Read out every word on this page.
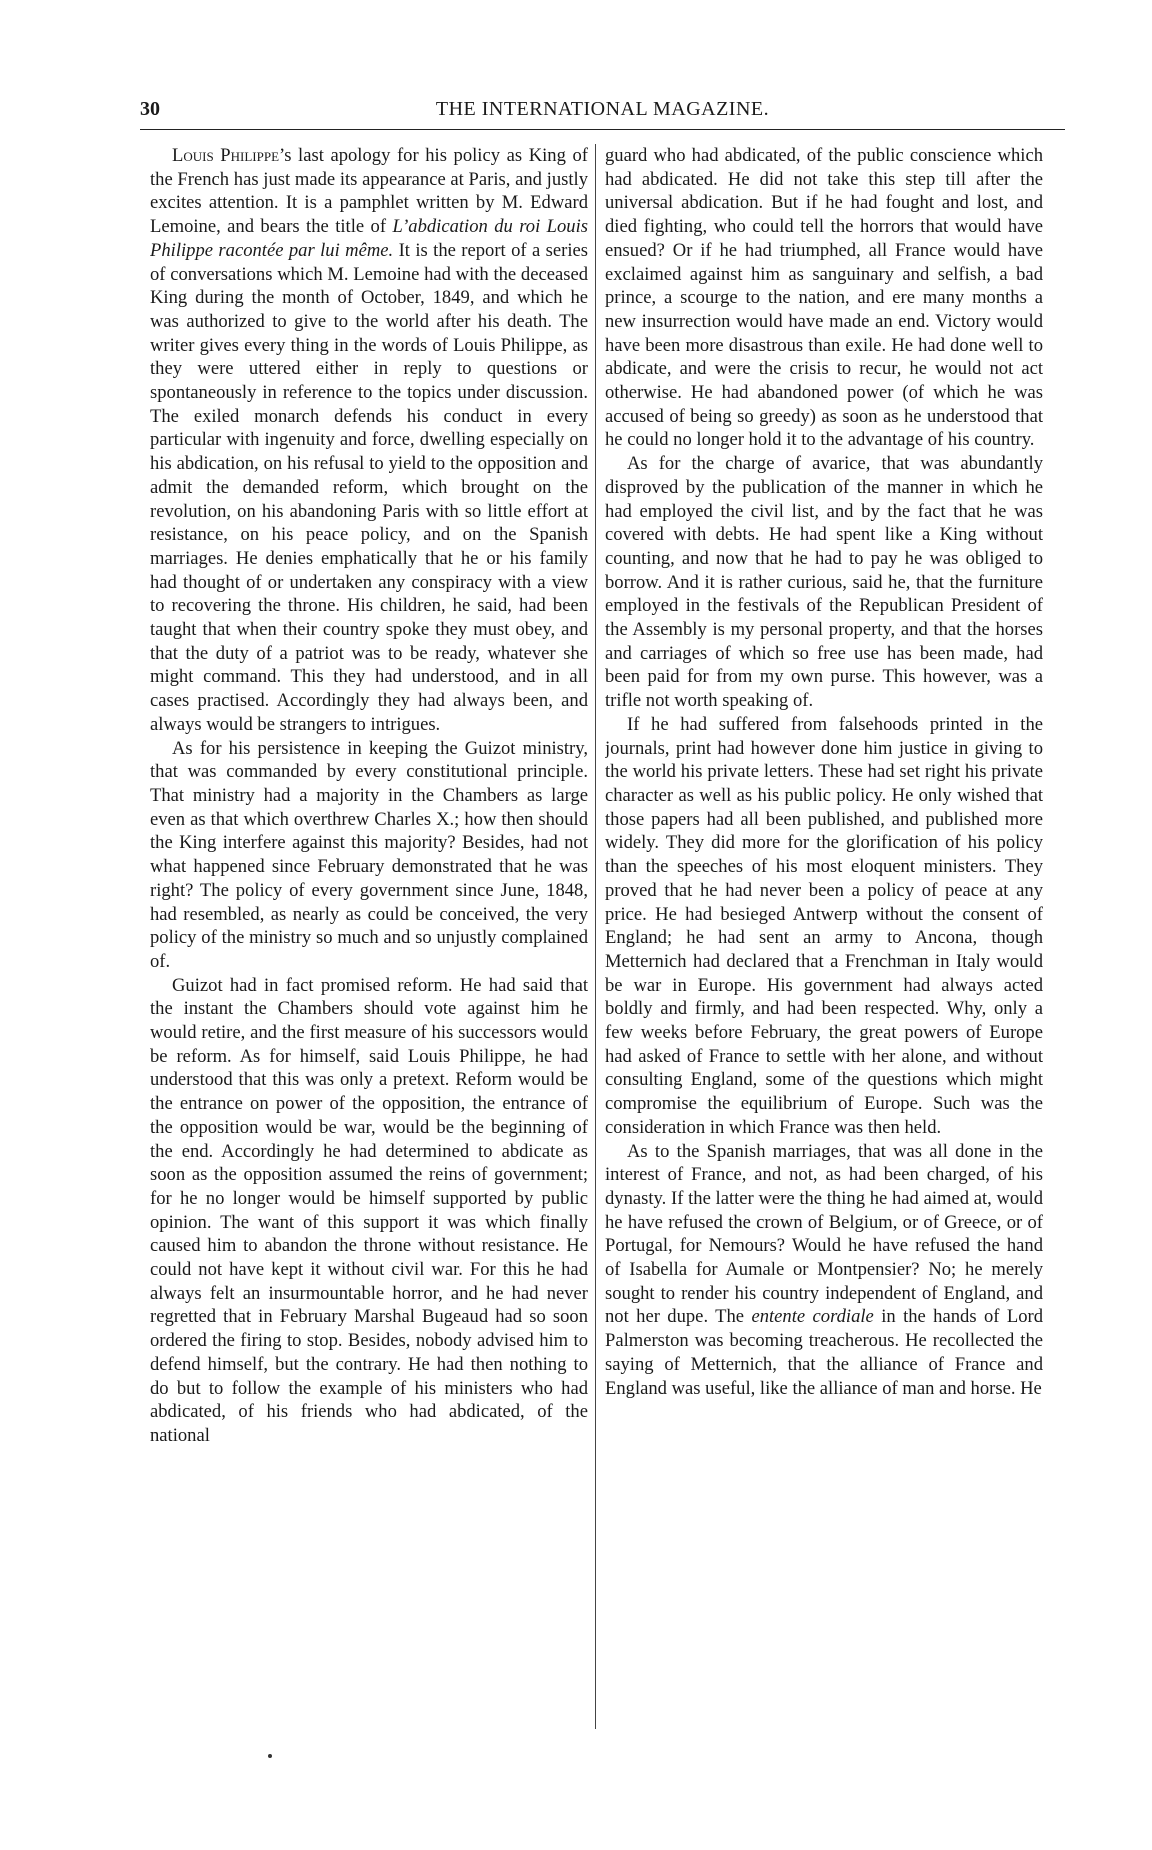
30	THE INTERNATIONAL MAGAZINE.

Louis Philippe’s last apology for his policy as King of the French has just made its appearance at Paris, and justly excites attention. It is a pamphlet written by M. Edward Lemoine, and bears the title of L’abdication du roi Louis Philippe racontée par lui même. It is the report of a series of conversations which M. Lemoine had with the deceased King during the month of October, 1849, and which he was authorized to give to the world after his death. The writer gives every thing in the words of Louis Philippe, as they were uttered either in reply to questions or spontaneously in reference to the topics under discussion. The exiled monarch defends his conduct in every particular with ingenuity and force, dwelling especially on his abdication, on his refusal to yield to the opposition and admit the demanded reform, which brought on the revolution, on his abandoning Paris with so little effort at resistance, on his peace policy, and on the Spanish marriages. He denies emphatically that he or his family had thought of or undertaken any conspiracy with a view to recovering the throne. His children, he said, had been taught that when their country spoke they must obey, and that the duty of a patriot was to be ready, whatever she might command. This they had understood, and in all cases practised. Accordingly they had always been, and always would be strangers to intrigues.

As for his persistence in keeping the Guizot ministry, that was commanded by every constitutional principle. That ministry had a majority in the Chambers as large even as that which overthrew Charles X.; how then should the King interfere against this majority? Besides, had not what happened since February demonstrated that he was right? The policy of every government since June, 1848, had resembled, as nearly as could be conceived, the very policy of the ministry so much and so unjustly complained of.

Guizot had in fact promised reform. He had said that the instant the Chambers should vote against him he would retire, and the first measure of his successors would be reform. As for himself, said Louis Philippe, he had understood that this was only a pretext. Reform would be the entrance on power of the opposition, the entrance of the opposition would be war, would be the beginning of the end. Accordingly he had determined to abdicate as soon as the opposition assumed the reins of government; for he no longer would be himself supported by public opinion. The want of this support it was which finally caused him to abandon the throne without resistance. He could not have kept it without civil war. For this he had always felt an insurmountable horror, and he had never regretted that in February Marshal Bugeaud had so soon ordered the firing to stop. Besides, nobody advised him to defend himself, but the contrary. He had then nothing to do but to follow the example of his ministers who had abdicated, of his friends who had abdicated, of the national

guard who had abdicated, of the public conscience which had abdicated. He did not take this step till after the universal abdication. But if he had fought and lost, and died fighting, who could tell the horrors that would have ensued? Or if he had triumphed, all France would have exclaimed against him as sanguinary and selfish, a bad prince, a scourge to the nation, and ere many months a new insurrection would have made an end. Victory would have been more disastrous than exile. He had done well to abdicate, and were the crisis to recur, he would not act otherwise. He had abandoned power (of which he was accused of being so greedy) as soon as he understood that he could no longer hold it to the advantage of his country.

As for the charge of avarice, that was abundantly disproved by the publication of the manner in which he had employed the civil list, and by the fact that he was covered with debts. He had spent like a King without counting, and now that he had to pay he was obliged to borrow. And it is rather curious, said he, that the furniture employed in the festivals of the Republican President of the Assembly is my personal property, and that the horses and carriages of which so free use has been made, had been paid for from my own purse. This however, was a trifle not worth speaking of.

If he had suffered from falsehoods printed in the journals, print had however done him justice in giving to the world his private letters. These had set right his private character as well as his public policy. He only wished that those papers had all been published, and published more widely. They did more for the glorification of his policy than the speeches of his most eloquent ministers. They proved that he had never been a policy of peace at any price. He had besieged Antwerp without the consent of England; he had sent an army to Ancona, though Metternich had declared that a Frenchman in Italy would be war in Europe. His government had always acted boldly and firmly, and had been respected. Why, only a few weeks before February, the great powers of Europe had asked of France to settle with her alone, and without consulting England, some of the questions which might compromise the equilibrium of Europe. Such was the consideration in which France was then held.

As to the Spanish marriages, that was all done in the interest of France, and not, as had been charged, of his dynasty. If the latter were the thing he had aimed at, would he have refused the crown of Belgium, or of Greece, or of Portugal, for Nemours? Would he have refused the hand of Isabella for Aumale or Montpensier? No; he merely sought to render his country independent of England, and not her dupe. The entente cordiale in the hands of Lord Palmerston was becoming treacherous. He recollected the saying of Metternich, that the alliance of France and England was useful, like the alliance of man and horse. He
